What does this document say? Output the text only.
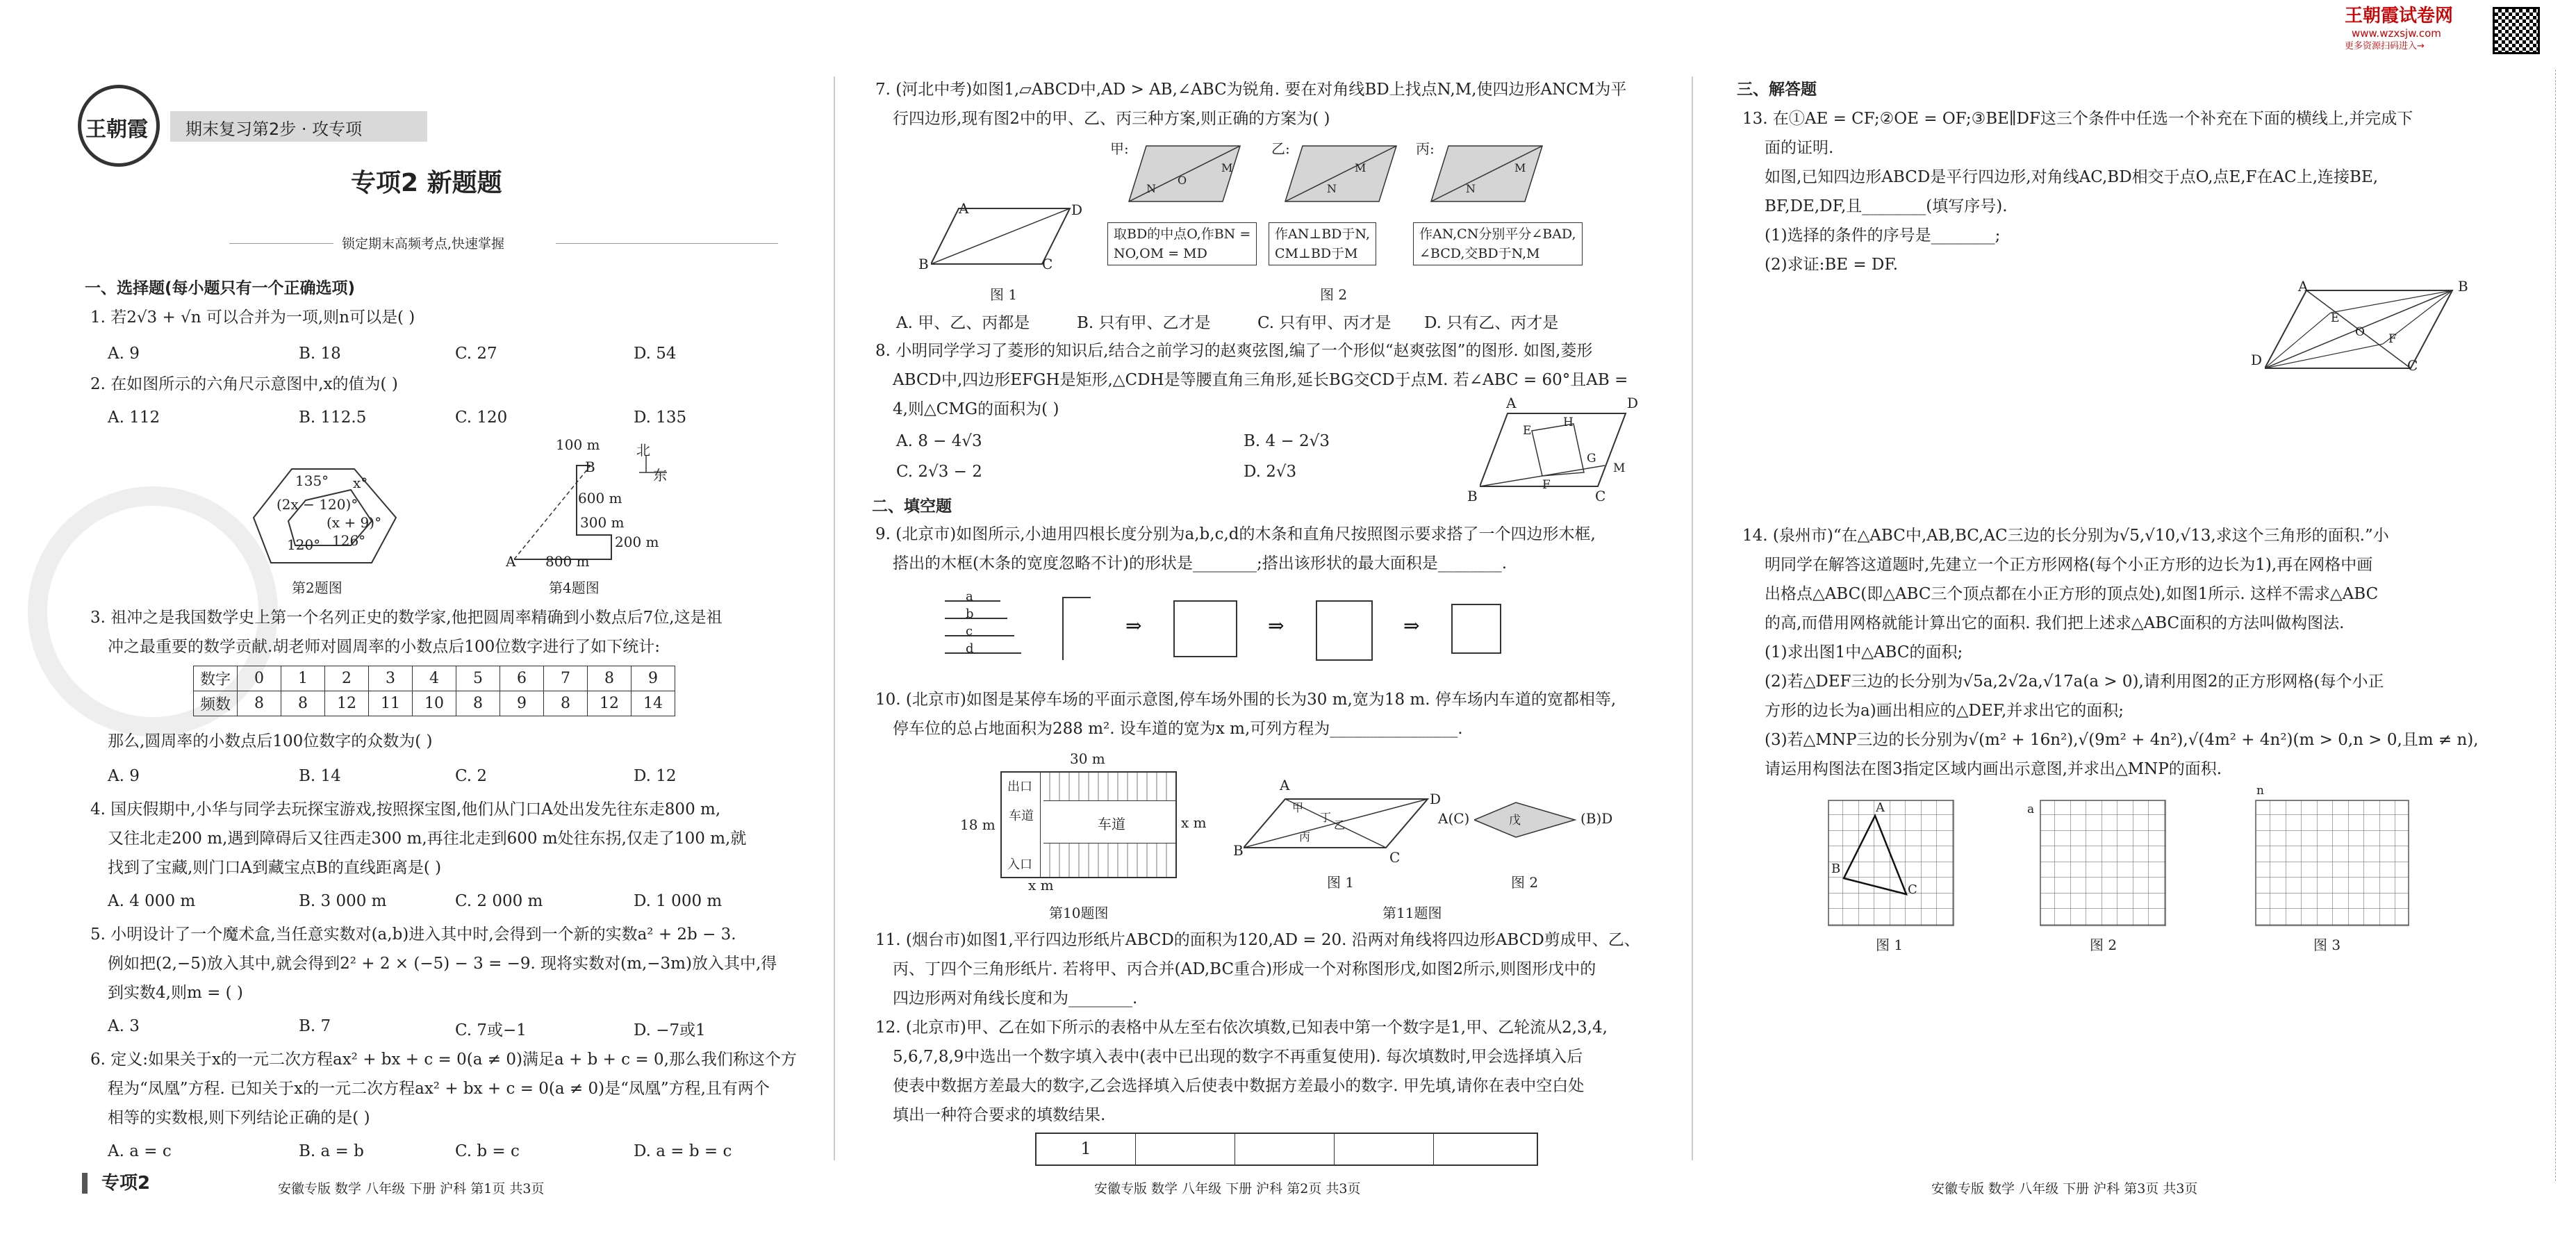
王朝霞 期末复习第2步 · 攻专项
专项2 新题题
锁定期末高频考点,快速掌握
一、选择题(每小题只有一个正确选项)
1. 若2√3 + √n 可以合并为一项,则n可以是( )
A. 9	B. 18	C. 27	D. 54
2. 在如图所示的六角尺示意图中,x的值为( )
A. 112	B. 112.5	C. 120	D. 135
135° x°
(2x − 120)°
(x + 9)°
120° 126°
第2题图
100 m	北
东
B
600 m
300 m
200 m
A 800 m
第4题图
3. 祖冲之是我国数学史上第一个名列正史的数学家,他把圆周率精确到小数点后7位,这是祖
冲之最重要的数学贡献.胡老师对圆周率的小数点后100位数字进行了如下统计:
数字	0	1	2	3	4	5	6	7	8	9
频数	8	8	12	11	10	8	9	8	12	14
那么,圆周率的小数点后100位数字的众数为( )
A. 9	B. 14	C. 2	D. 12
4. 国庆假期中,小华与同学去玩探宝游戏,按照探宝图,他们从门口A处出发先往东走800 m,
又往北走200 m,遇到障碍后又往西走300 m,再往北走到600 m处往东拐,仅走了100 m,就
找到了宝藏,则门口A到藏宝点B的直线距离是( )
A. 4 000 m	B. 3 000 m	C. 2 000 m	D. 1 000 m
5. 小明设计了一个魔术盒,当任意实数对(a,b)进入其中时,会得到一个新的实数a² + 2b − 3.
例如把(2,−5)放入其中,就会得到2² + 2 × (−5) − 3 = −9. 现将实数对(m,−3m)放入其中,得
到实数4,则m = ( )
A. 3	B. 7	C. 7或−1	D. −7或1
6. 定义:如果关于x的一元二次方程ax² + bx + c = 0(a ≠ 0)满足a + b + c = 0,那么我们称这个方
程为“凤凰”方程. 已知关于x的一元二次方程ax² + bx + c = 0(a ≠ 0)是“凤凰”方程,且有两个
相等的实数根,则下列结论正确的是( )
A. a = c	B. a = b	C. b = c	D. a = b = c
专项2	安徽专版 数学 八年级 下册 沪科 第1页 共3页
7. (河北中考)如图1,▱ABCD中,AD > AB,∠ABC为锐角. 要在对角线BD上找点N,M,使四边形ANCM为平
行四边形,现有图2中的甲、乙、丙三种方案,则正确的方案为( )
A	D
B	C
图 1
甲:
O
N
M
取BD的中点O,作BN =
NO,OM = MD
乙:
N
M
作AN⊥BD于N,
CM⊥BD于M
丙:
N
M
作AN,CN分别平分∠BAD,
∠BCD,交BD于N,M
图 2
A. 甲、乙、丙都是	B. 只有甲、乙才是	C. 只有甲、丙才是 D. 只有乙、丙才是
8. 小明同学学习了菱形的知识后,结合之前学习的赵爽弦图,编了一个形似“赵爽弦图”的图形. 如图,菱形
ABCD中,四边形EFGH是矩形,△CDH是等腰直角三角形,延长BG交CD于点M. 若∠ABC = 60°且AB =
4,则△CMG的面积为( )
A. 8 − 4√3	B. 4 − 2√3
C. 2√3 − 2	D. 2√3
A	D
E
H
G
F
M
B	C
二、填空题
9. (北京市)如图所示,小迪用四根长度分别为a,b,c,d的木条和直角尺按照图示要求搭了一个四边形木框,
搭出的木框(木条的宽度忽略不计)的形状是________;搭出该形状的最大面积是________.
⇒	⇒	⇒
a
b
c
d
10. (北京市)如图是某停车场的平面示意图,停车场外围的长为30 m,宽为18 m. 停车场内车道的宽都相等,
停车位的总占地面积为288 m². 设车道的宽为x m,可列方程为________________.
30 m
18 m
出口
车道
入口
车道	x m
x m
第10题图
A
D
B	C
甲
乙
丙
丁
图 1
A(C)	戊	(B)D
图 2
第11题图
11. (烟台市)如图1,平行四边形纸片ABCD的面积为120,AD = 20. 沿两对角线将四边形ABCD剪成甲、乙、
丙、丁四个三角形纸片. 若将甲、丙合并(AD,BC重合)形成一个对称图形戊,如图2所示,则图形戊中的
四边形两对角线长度和为________.
12. (北京市)甲、乙在如下所示的表格中从左至右依次填数,已知表中第一个数字是1,甲、乙轮流从2,3,4,
5,6,7,8,9中选出一个数字填入表中(表中已出现的数字不再重复使用). 每次填数时,甲会选择填入后
使表中数据方差最大的数字,乙会选择填入后使表中数据方差最小的数字. 甲先填,请你在表中空白处
填出一种符合要求的填数结果.
1
安徽专版 数学 八年级 下册 沪科 第2页 共3页
王朝霞试卷网
www.wzxsjw.com
更多资源扫码进入→
三、解答题
13. 在①AE = CF;②OE = OF;③BE∥DF这三个条件中任选一个补充在下面的横线上,并完成下
面的证明.
如图,已知四边形ABCD是平行四边形,对角线AC,BD相交于点O,点E,F在AC上,连接BE,
BF,DE,DF,且________(填写序号).
(1)选择的条件的序号是________;
(2)求证:BE = DF.
A	B
E
O F
D	C
14. (泉州市)“在△ABC中,AB,BC,AC三边的长分别为√5,√10,√13,求这个三角形的面积.”小
明同学在解答这道题时,先建立一个正方形网格(每个小正方形的边长为1),再在网格中画
出格点△ABC(即△ABC三个顶点都在小正方形的顶点处),如图1所示. 这样不需求△ABC
的高,而借用网格就能计算出它的面积. 我们把上述求△ABC面积的方法叫做构图法.
(1)求出图1中△ABC的面积;
(2)若△DEF三边的长分别为√5a,2√2a,√17a(a > 0),请利用图2的正方形网格(每个小正
方形的边长为a)画出相应的△DEF,并求出它的面积;
(3)若△MNP三边的长分别为√(m² + 16n²),√(9m² + 4n²),√(4m² + 4n²)(m > 0,n > 0,且m ≠ n),
请运用构图法在图3指定区域内画出示意图,并求出△MNP的面积.
A
B
C
图 1
a
图 2
n
图 3
安徽专版 数学 八年级 下册 沪科 第3页 共3页
